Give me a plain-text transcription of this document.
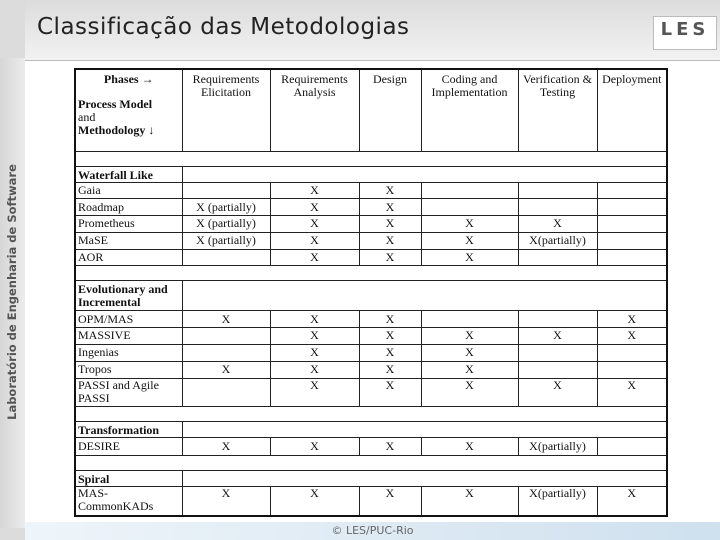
Classificação das Metodologias	LES
Laboratório de Engenharia de Software
Phases →
Process Model
and
Methodology ↓	Requirements Elicitation	Requirements Analysis	Design	Coding and Implementation	Verification & Testing	Deployment

Waterfall Like						
Gaia		X	X			
Roadmap	X (partially)	X	X			
Prometheus	X (partially)	X	X	X	X	
MaSE	X (partially)	X	X	X	X(partially)	
AOR		X	X	X		

Evolutionary and Incremental						
OPM/MAS	X	X	X			X
MASSIVE		X	X	X	X	X
Ingenias		X	X	X		
Tropos	X	X	X	X		
PASSI and Agile PASSI		X	X	X	X	X

Transformation						
DESIRE	X	X	X	X	X(partially)	

Spiral						
MAS-CommonKADs	X	X	X	X	X(partially)	X
© LES/PUC-Rio
